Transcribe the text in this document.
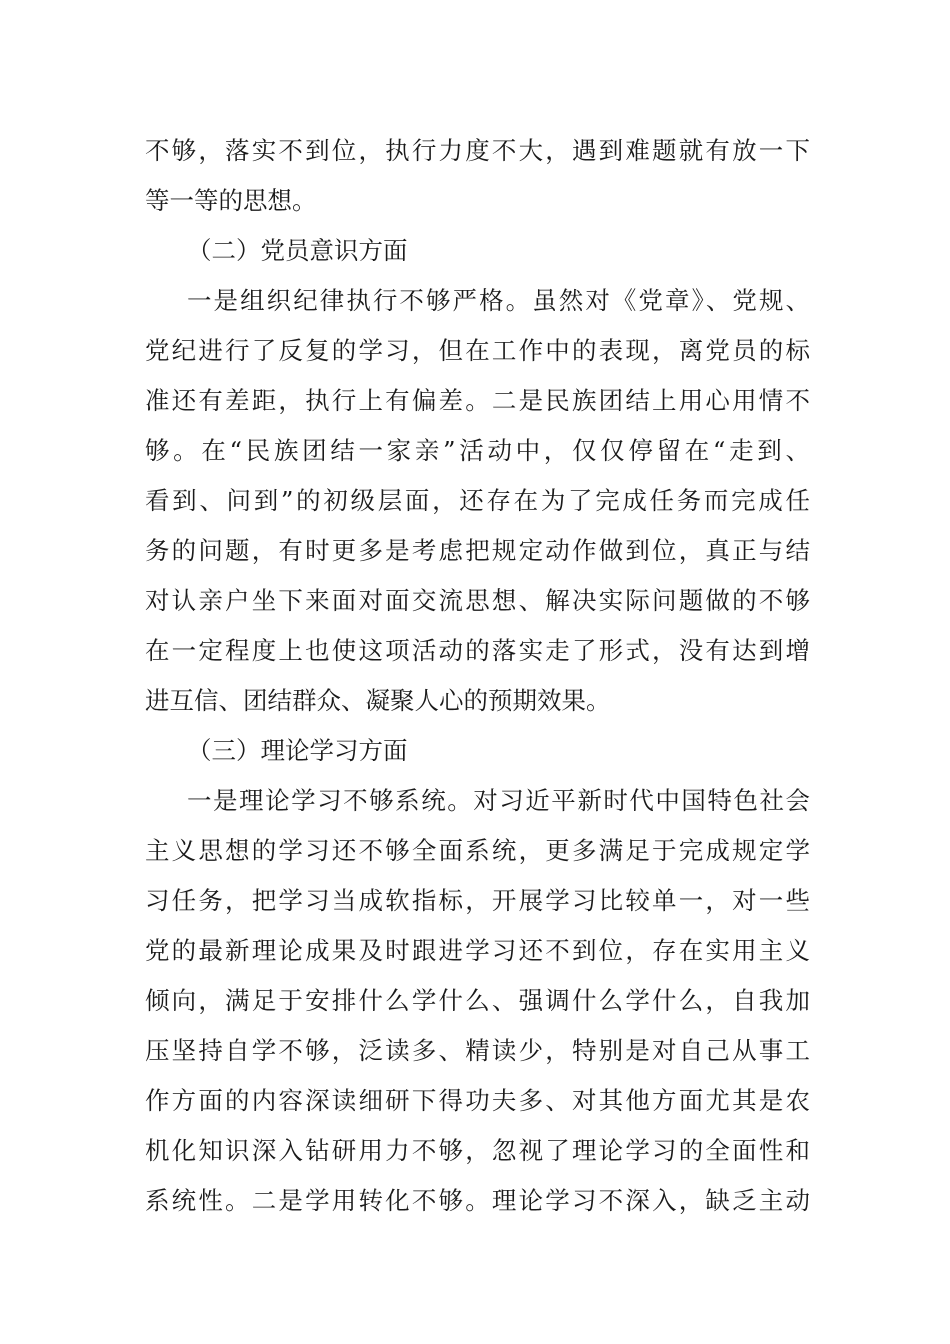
不够，落实不到位，执行力度不大，遇到难题就有放一下
等一等的思想。
（二）党员意识方面
一是组织纪律执行不够严格。虽然对《党章》、党规、
党纪进行了反复的学习，但在工作中的表现，离党员的标
准还有差距，执行上有偏差。二是民族团结上用心用情不
够。在“民族团结一家亲”活动中，仅仅停留在“走到、
看到、问到”的初级层面，还存在为了完成任务而完成任
务的问题，有时更多是考虑把规定动作做到位，真正与结
对认亲户坐下来面对面交流思想、解决实际问题做的不够
在一定程度上也使这项活动的落实走了形式，没有达到增
进互信、团结群众、凝聚人心的预期效果。
（三）理论学习方面
一是理论学习不够系统。对习近平新时代中国特色社会
主义思想的学习还不够全面系统，更多满足于完成规定学
习任务，把学习当成软指标，开展学习比较单一，对一些
党的最新理论成果及时跟进学习还不到位，存在实用主义
倾向，满足于安排什么学什么、强调什么学什么，自我加
压坚持自学不够，泛读多、精读少，特别是对自己从事工
作方面的内容深读细研下得功夫多、对其他方面尤其是农
机化知识深入钻研用力不够，忽视了理论学习的全面性和
系统性。二是学用转化不够。理论学习不深入，缺乏主动
